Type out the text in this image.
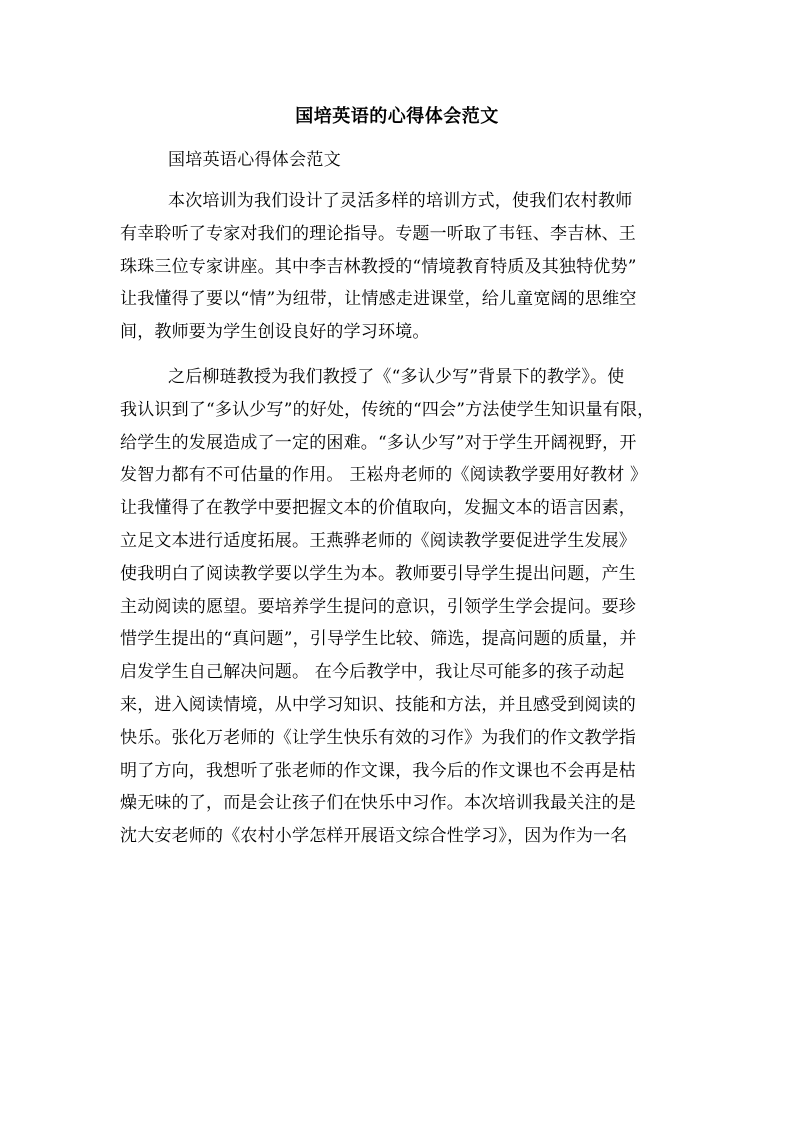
国培英语的心得体会范文
国培英语心得体会范文
本次培训为我们设计了灵活多样的培训方式，使我们农村教师
有幸聆听了专家对我们的理论指导。专题一听取了韦钰、李吉林、王
珠珠三位专家讲座。其中李吉林教授的“情境教育特质及其独特优势”
让我懂得了要以“情”为纽带，让情感走进课堂，给儿童宽阔的思维空
间，教师要为学生创设良好的学习环境。
之后柳琏教授为我们教授了《“多认少写”背景下的教学》。使
我认识到了“多认少写”的好处，传统的“四会”方法使学生知识量有限，
给学生的发展造成了一定的困难。“多认少写”对于学生开阔视野，开
发智力都有不可估量的作用。 王崧舟老师的《阅读教学要用好教材 》
让我懂得了在教学中要把握文本的价值取向，发掘文本的语言因素，
立足文本进行适度拓展。王燕骅老师的《阅读教学要促进学生发展》
使我明白了阅读教学要以学生为本。教师要引导学生提出问题，产生
主动阅读的愿望。要培养学生提问的意识，引领学生学会提问。要珍
惜学生提出的“真问题”，引导学生比较、筛选，提高问题的质量，并
启发学生自己解决问题。 在今后教学中，我让尽可能多的孩子动起
来，进入阅读情境，从中学习知识、技能和方法，并且感受到阅读的
快乐。张化万老师的《让学生快乐有效的习作》为我们的作文教学指
明了方向，我想听了张老师的作文课，我今后的作文课也不会再是枯
燥无味的了，而是会让孩子们在快乐中习作。本次培训我最关注的是
沈大安老师的《农村小学怎样开展语文综合性学习》，因为作为一名
